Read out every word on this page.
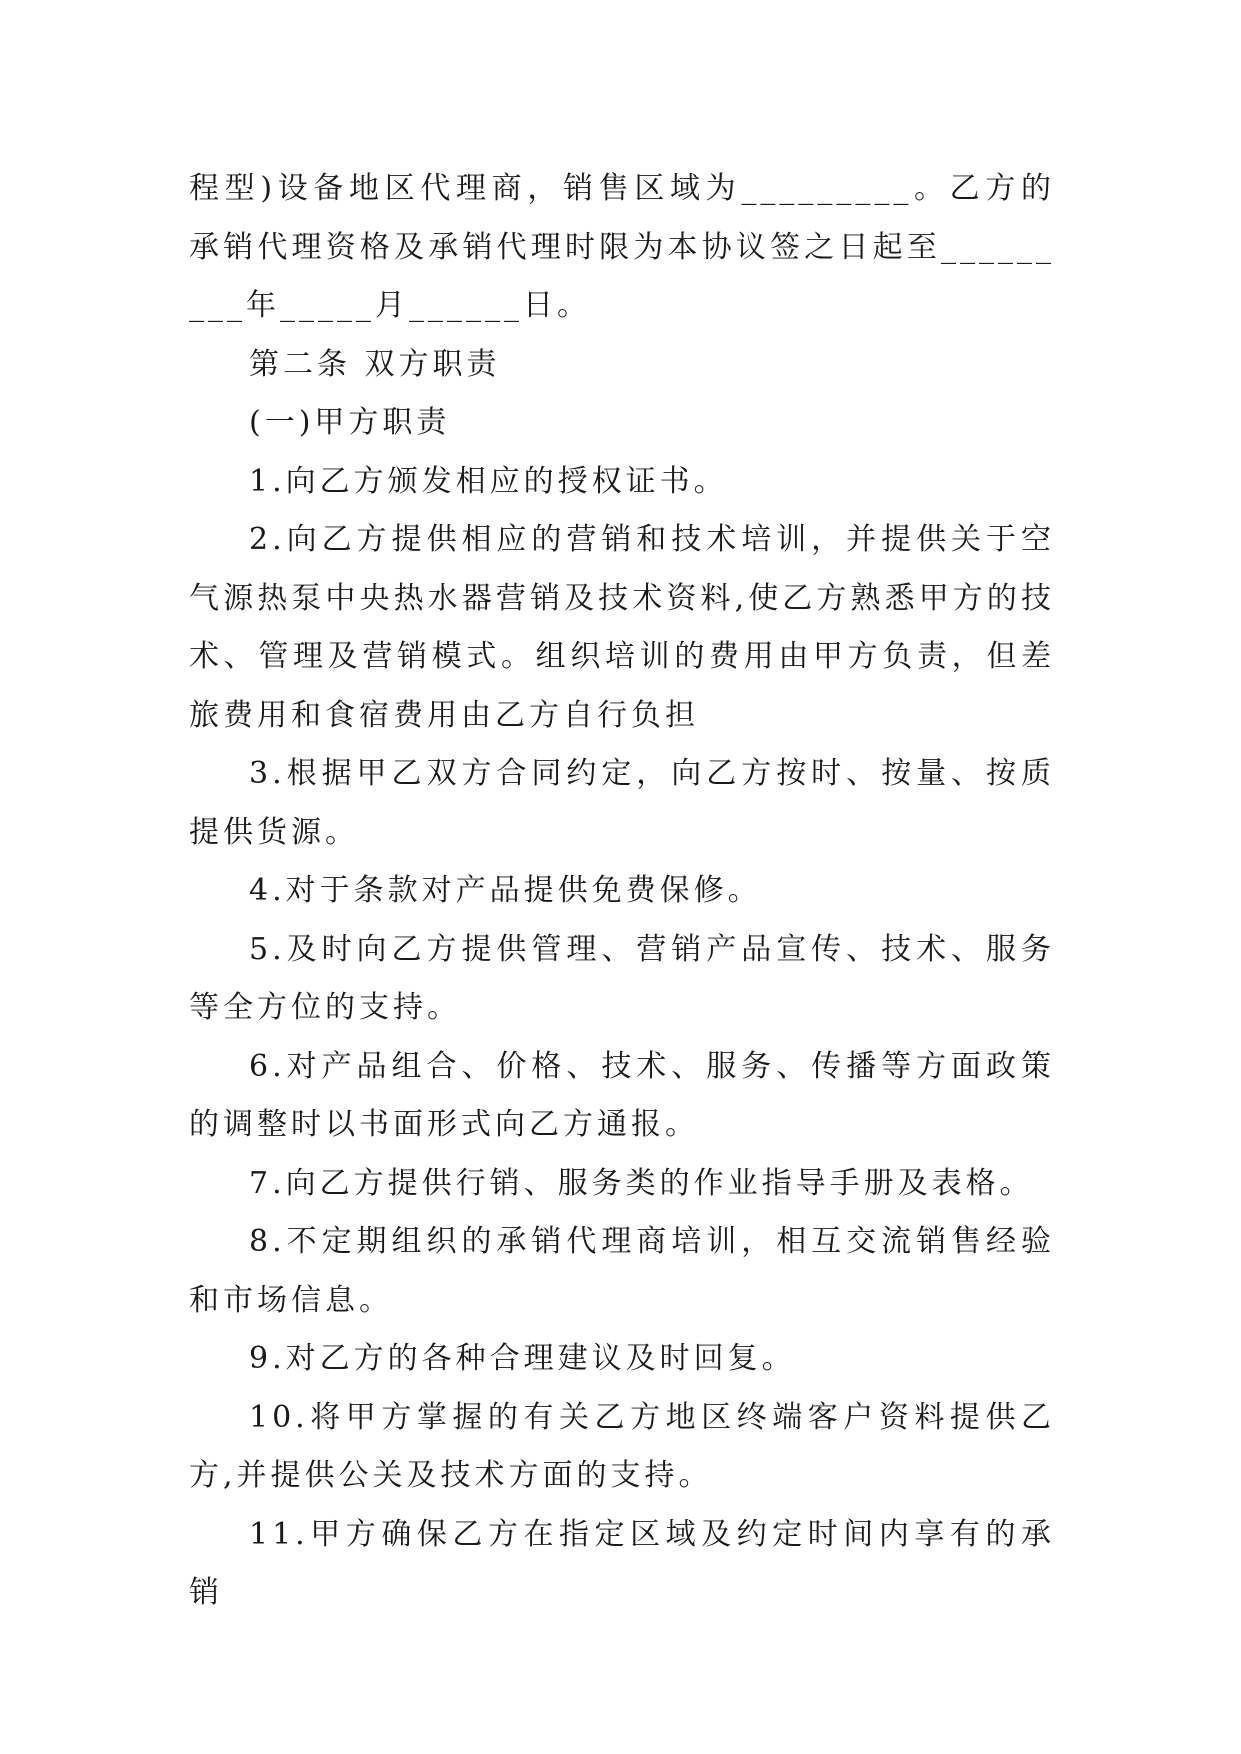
程型)设备地区代理商，销售区域为_________。乙方的承销代理资格及承销代理时限为本协议签之日起至_________年_____月______日。

第二条 双方职责

(一)甲方职责

1.向乙方颁发相应的授权证书。

2.向乙方提供相应的营销和技术培训，并提供关于空气源热泵中央热水器营销及技术资料,使乙方熟悉甲方的技术、管理及营销模式。组织培训的费用由甲方负责，但差旅费用和食宿费用由乙方自行负担

3.根据甲乙双方合同约定，向乙方按时、按量、按质提供货源。

4.对于条款对产品提供免费保修。

5.及时向乙方提供管理、营销产品宣传、技术、服务等全方位的支持。

6.对产品组合、价格、技术、服务、传播等方面政策的调整时以书面形式向乙方通报。

7.向乙方提供行销、服务类的作业指导手册及表格。

8.不定期组织的承销代理商培训，相互交流销售经验和市场信息。

9.对乙方的各种合理建议及时回复。

10.将甲方掌握的有关乙方地区终端客户资料提供乙方,并提供公关及技术方面的支持。

11.甲方确保乙方在指定区域及约定时间内享有的承销
